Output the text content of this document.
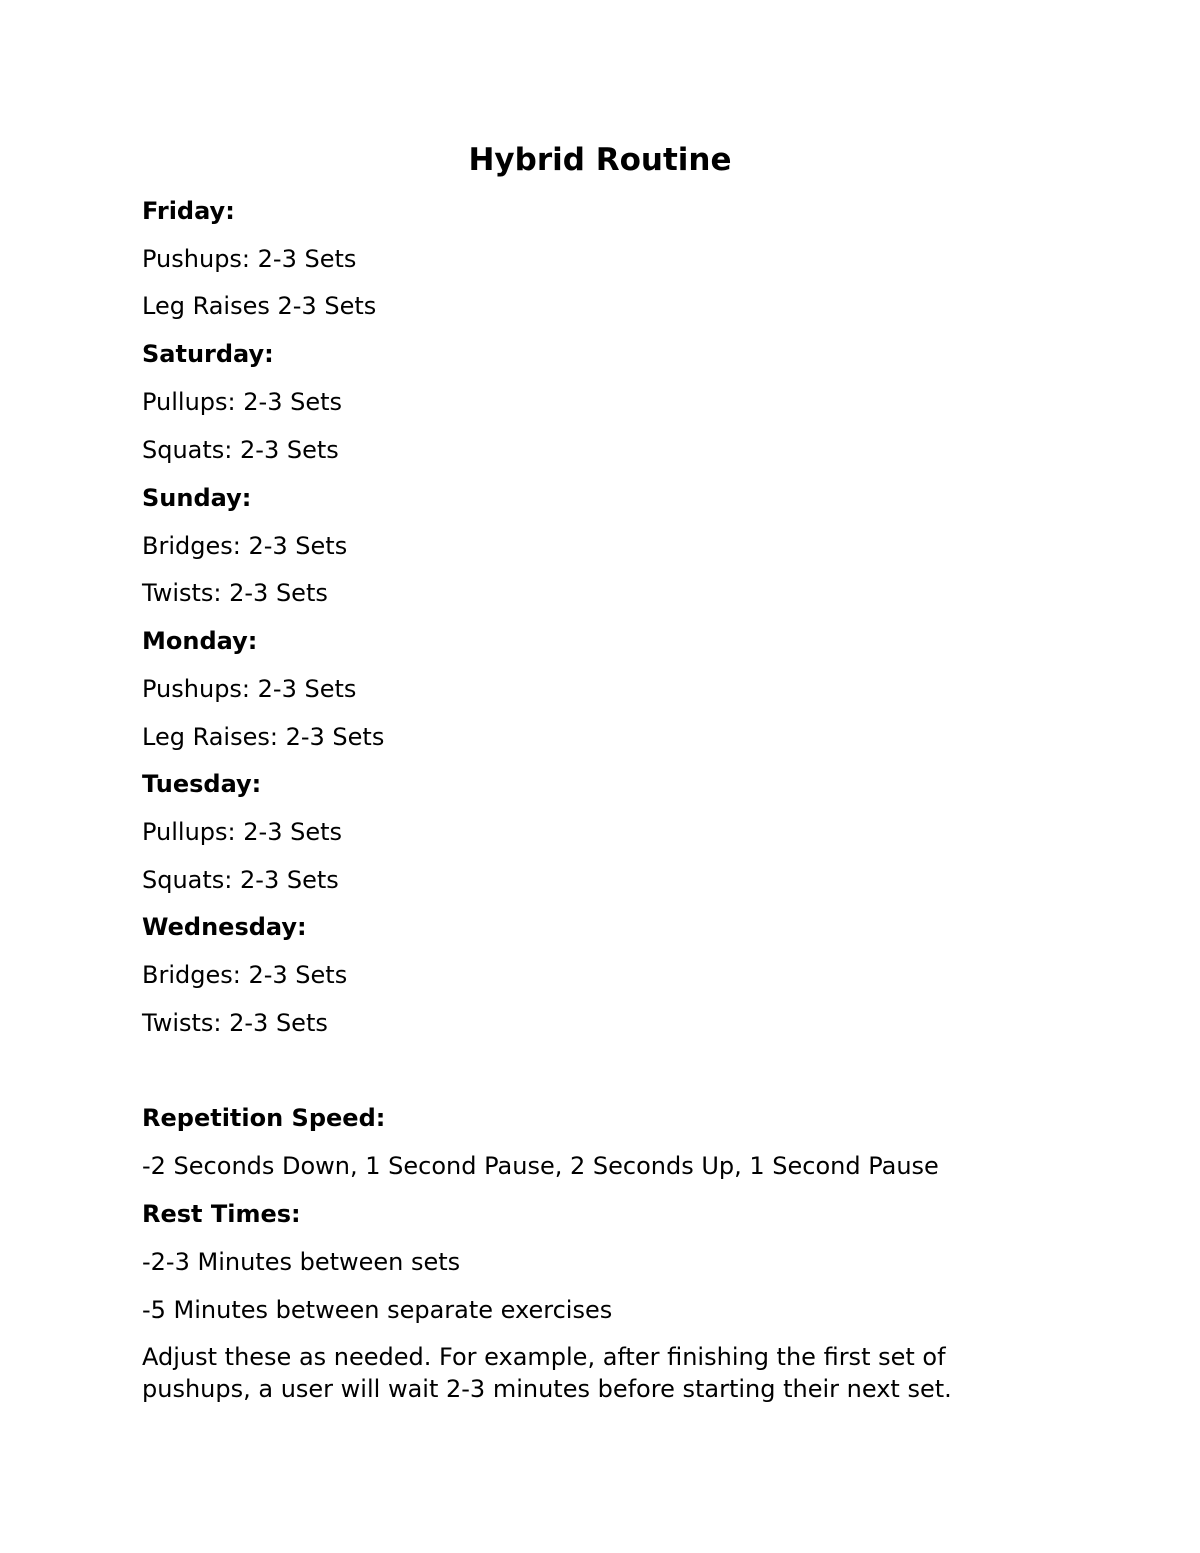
Hybrid Routine

Friday:

Pushups: 2-3 Sets

Leg Raises 2-3 Sets

Saturday:

Pullups: 2-3 Sets

Squats: 2-3 Sets

Sunday:

Bridges: 2-3 Sets

Twists: 2-3 Sets

Monday:

Pushups: 2-3 Sets

Leg Raises: 2-3 Sets

Tuesday:

Pullups: 2-3 Sets

Squats: 2-3 Sets

Wednesday:

Bridges: 2-3 Sets

Twists: 2-3 Sets

Repetition Speed:

-2 Seconds Down, 1 Second Pause, 2 Seconds Up, 1 Second Pause

Rest Times:

-2-3 Minutes between sets

-5 Minutes between separate exercises

Adjust these as needed. For example, after finishing the first set of pushups, a user will wait 2-3 minutes before starting their next set.
